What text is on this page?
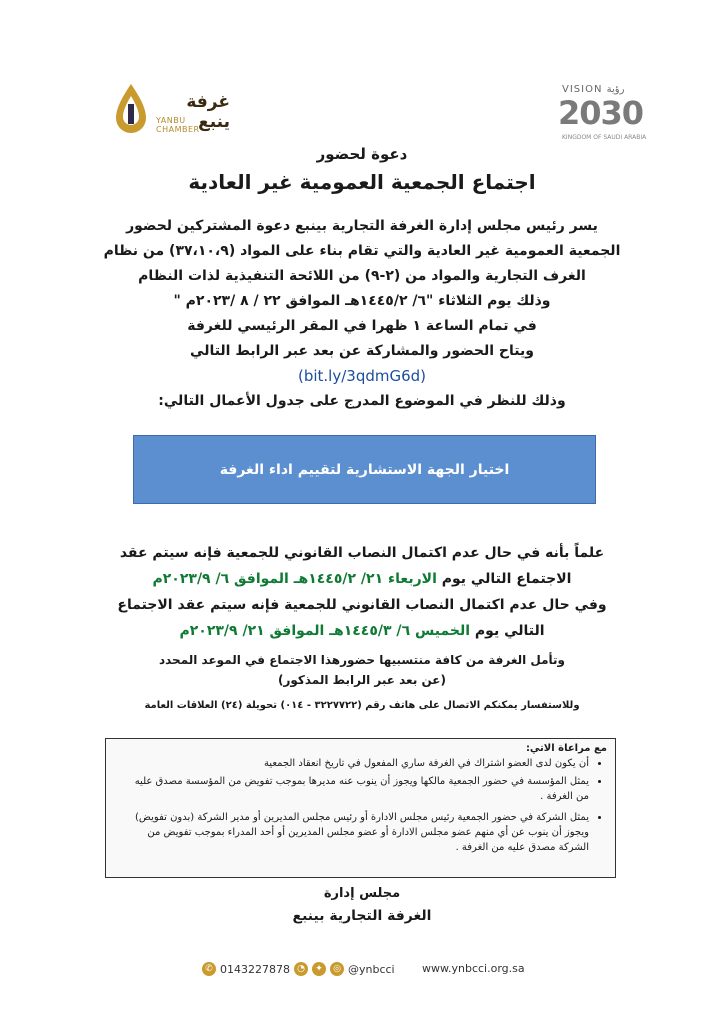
غرفة ينبع
YANBU CHAMBER
VISION رؤية
2030
KINGDOM OF SAUDI ARABIA
دعوة لحضور
اجتماع الجمعية العمومية غير العادية
يسر رئيس مجلس إدارة الغرفة التجارية بينبع دعوة المشتركين لحضور
الجمعية العمومية غير العادية والتي تقام بناء على المواد (٣٧،١٠،٩) من نظام
الغرف التجارية والمواد من (٢-٩) من اللائحة التنفيذية لذات النظام
وذلك يوم الثلاثاء "٦/ ١٤٤٥/٢هـ الموافق ٢٢ / ٨ /٢٠٢٣م "
في تمام الساعة ١ ظهرا في المقر الرئيسي للغرفة
ويتاح الحضور والمشاركة عن بعد عبر الرابط التالي
(bit.ly/3qdmG6d)
وذلك للنظر في الموضوع المدرج على جدول الأعمال التالي:
اختيار الجهة الاستشارية لتقييم اداء الغرفة
علماً بأنه في حال عدم اكتمال النصاب القانوني للجمعية فإنه سيتم عقد
الاجتماع التالي يوم الاربعاء ٢١/ ١٤٤٥/٢هـ الموافق ٦/ ٢٠٢٣/٩م
وفي حال عدم اكتمال النصاب القانوني للجمعية فإنه سيتم عقد الاجتماع
التالي يوم الخميس ٦/ ١٤٤٥/٣هـ الموافق ٢١/ ٢٠٢٣/٩م
وتأمل الغرفة من كافة منتسبيها حضورهذا الاجتماع في الموعد المحدد
(عن بعد عبر الرابط المذكور)
وللاستفسار يمكنكم الاتصال على هاتف رقم (٣٢٢٧٧٢٢ - ٠١٤) تحويلة (٢٤) العلاقات العامة
مع مراعاة الاتي:
• أن يكون لدى العضو اشتراك في الغرفة ساري المفعول في تاريخ انعقاد الجمعية
• يمثل المؤسسة في حضور الجمعية مالكها ويجوز أن ينوب عنه مديرها بموجب تفويض من المؤسسة مصدق عليه من الغرفة .
• يمثل الشركة في حضور الجمعية رئيس مجلس الادارة أو رئيس مجلس المديرين أو مدير الشركة (بدون تفويض) ويجوز أن ينوب عن أي منهم عضو مجلس الادارة أو عضو مجلس المديرين أو أحد المدراء بموجب تفويض من الشركة مصدق عليه من الغرفة .
مجلس إدارة
الغرفة التجارية بينبع
✆ 0143227878 ◔	✦	◎ @ynbcci www.ynbcci.org.sa
